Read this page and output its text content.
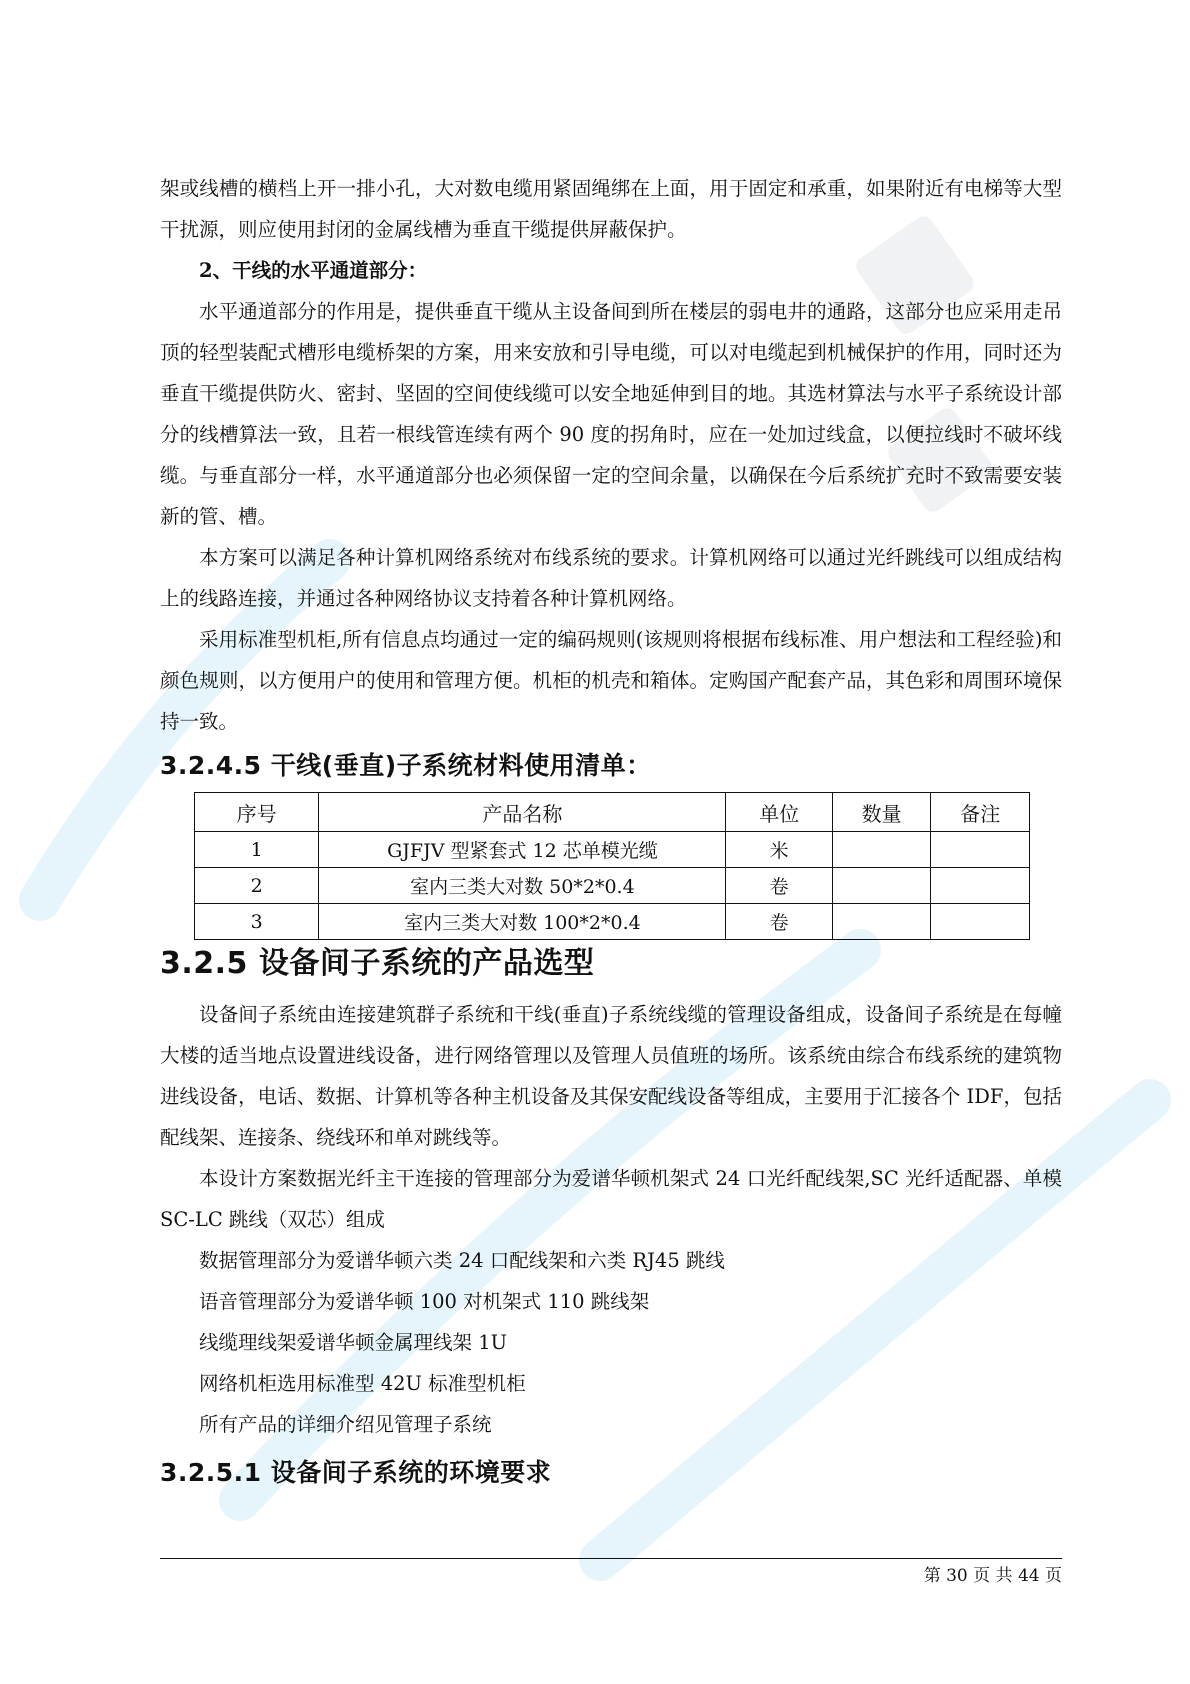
架或线槽的横档上开一排小孔，大对数电缆用紧固绳绑在上面，用于固定和承重，如果附近有电梯等大型干扰源，则应使用封闭的金属线槽为垂直干缆提供屏蔽保护。

2、干线的水平通道部分：

水平通道部分的作用是，提供垂直干缆从主设备间到所在楼层的弱电井的通路，这部分也应采用走吊顶的轻型装配式槽形电缆桥架的方案，用来安放和引导电缆，可以对电缆起到机械保护的作用，同时还为垂直干缆提供防火、密封、坚固的空间使线缆可以安全地延伸到目的地。其选材算法与水平子系统设计部分的线槽算法一致，且若一根线管连续有两个 90 度的拐角时，应在一处加过线盒，以便拉线时不破坏线缆。与垂直部分一样，水平通道部分也必须保留一定的空间余量，以确保在今后系统扩充时不致需要安装新的管、槽。

本方案可以满足各种计算机网络系统对布线系统的要求。计算机网络可以通过光纤跳线可以组成结构上的线路连接，并通过各种网络协议支持着各种计算机网络。

采用标准型机柜,所有信息点均通过一定的编码规则(该规则将根据布线标准、用户想法和工程经验)和颜色规则，以方便用户的使用和管理方便。机柜的机壳和箱体。定购国产配套产品，其色彩和周围环境保持一致。

3.2.4.5 干线(垂直)子系统材料使用清单：
序号	产品名称	单位	数量	备注
1	GJFJV 型紧套式 12 芯单模光缆	米		
2	室内三类大对数 50*2*0.4	卷		
3	室内三类大对数 100*2*0.4	卷		
3.2.5 设备间子系统的产品选型

设备间子系统由连接建筑群子系统和干线(垂直)子系统线缆的管理设备组成，设备间子系统是在每幢大楼的适当地点设置进线设备，进行网络管理以及管理人员值班的场所。该系统由综合布线系统的建筑物进线设备，电话、数据、计算机等各种主机设备及其保安配线设备等组成，主要用于汇接各个 IDF，包括配线架、连接条、绕线环和单对跳线等。

本设计方案数据光纤主干连接的管理部分为爱谱华顿机架式 24 口光纤配线架,SC 光纤适配器、单模 SC-LC 跳线（双芯）组成

数据管理部分为爱谱华顿六类 24 口配线架和六类 RJ45 跳线

语音管理部分为爱谱华顿 100 对机架式 110 跳线架

线缆理线架爱谱华顿金属理线架 1U

网络机柜选用标准型 42U 标准型机柜

所有产品的详细介绍见管理子系统

3.2.5.1 设备间子系统的环境要求
第 30 页 共 44 页
